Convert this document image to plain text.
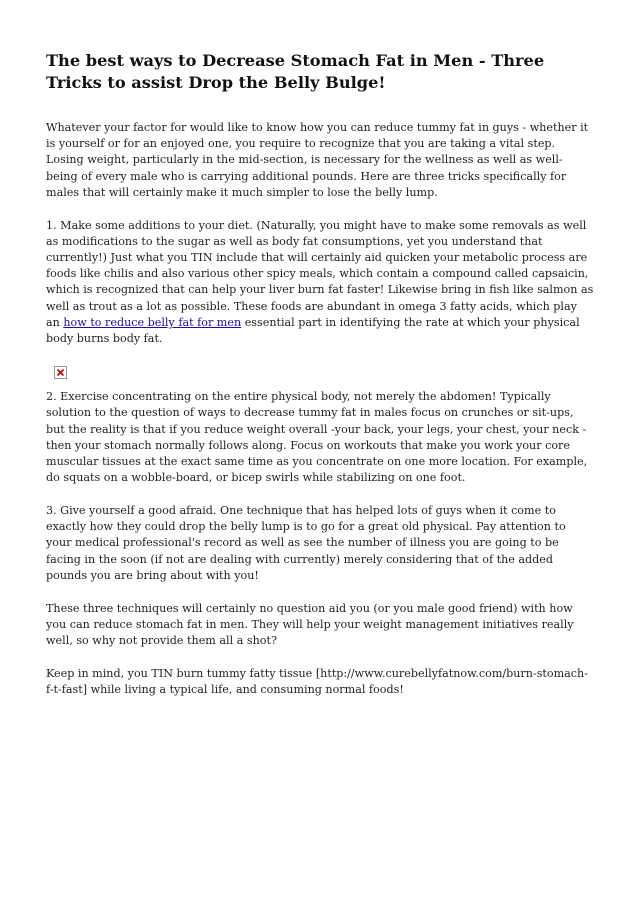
The best ways to Decrease Stomach Fat in Men - Three Tricks to assist Drop the Belly Bulge!

Whatever your factor for would like to know how you can reduce tummy fat in guys - whether it is yourself or for an enjoyed one, you require to recognize that you are taking a vital step. Losing weight, particularly in the mid-section, is necessary for the wellness as well as well-being of every male who is carrying additional pounds. Here are three tricks specifically for males that will certainly make it much simpler to lose the belly lump.

1. Make some additions to your diet. (Naturally, you might have to make some removals as well as modifications to the sugar as well as body fat consumptions, yet you understand that currently!) Just what you TIN include that will certainly aid quicken your metabolic process are foods like chilis and also various other spicy meals, which contain a compound called capsaicin, which is recognized that can help your liver burn fat faster! Likewise bring in fish like salmon as well as trout as a lot as possible. These foods are abundant in omega 3 fatty acids, which play an how to reduce belly fat for men essential part in identifying the rate at which your physical body burns body fat.

2. Exercise concentrating on the entire physical body, not merely the abdomen! Typically solution to the question of ways to decrease tummy fat in males focus on crunches or sit-ups, but the reality is that if you reduce weight overall -your back, your legs, your chest, your neck - then your stomach normally follows along. Focus on workouts that make you work your core muscular tissues at the exact same time as you concentrate on one more location. For example, do squats on a wobble-board, or bicep swirls while stabilizing on one foot.

3. Give yourself a good afraid. One technique that has helped lots of guys when it come to exactly how they could drop the belly lump is to go for a great old physical. Pay attention to your medical professional's record as well as see the number of illness you are going to be facing in the soon (if not are dealing with currently) merely considering that of the added pounds you are bring about with you!

These three techniques will certainly no question aid you (or you male good friend) with how you can reduce stomach fat in men. They will help your weight management initiatives really well, so why not provide them all a shot?

Keep in mind, you TIN burn tummy fatty tissue [http://www.curebellyfatnow.com/burn-stomach-f-t-fast] while living a typical life, and consuming normal foods!
